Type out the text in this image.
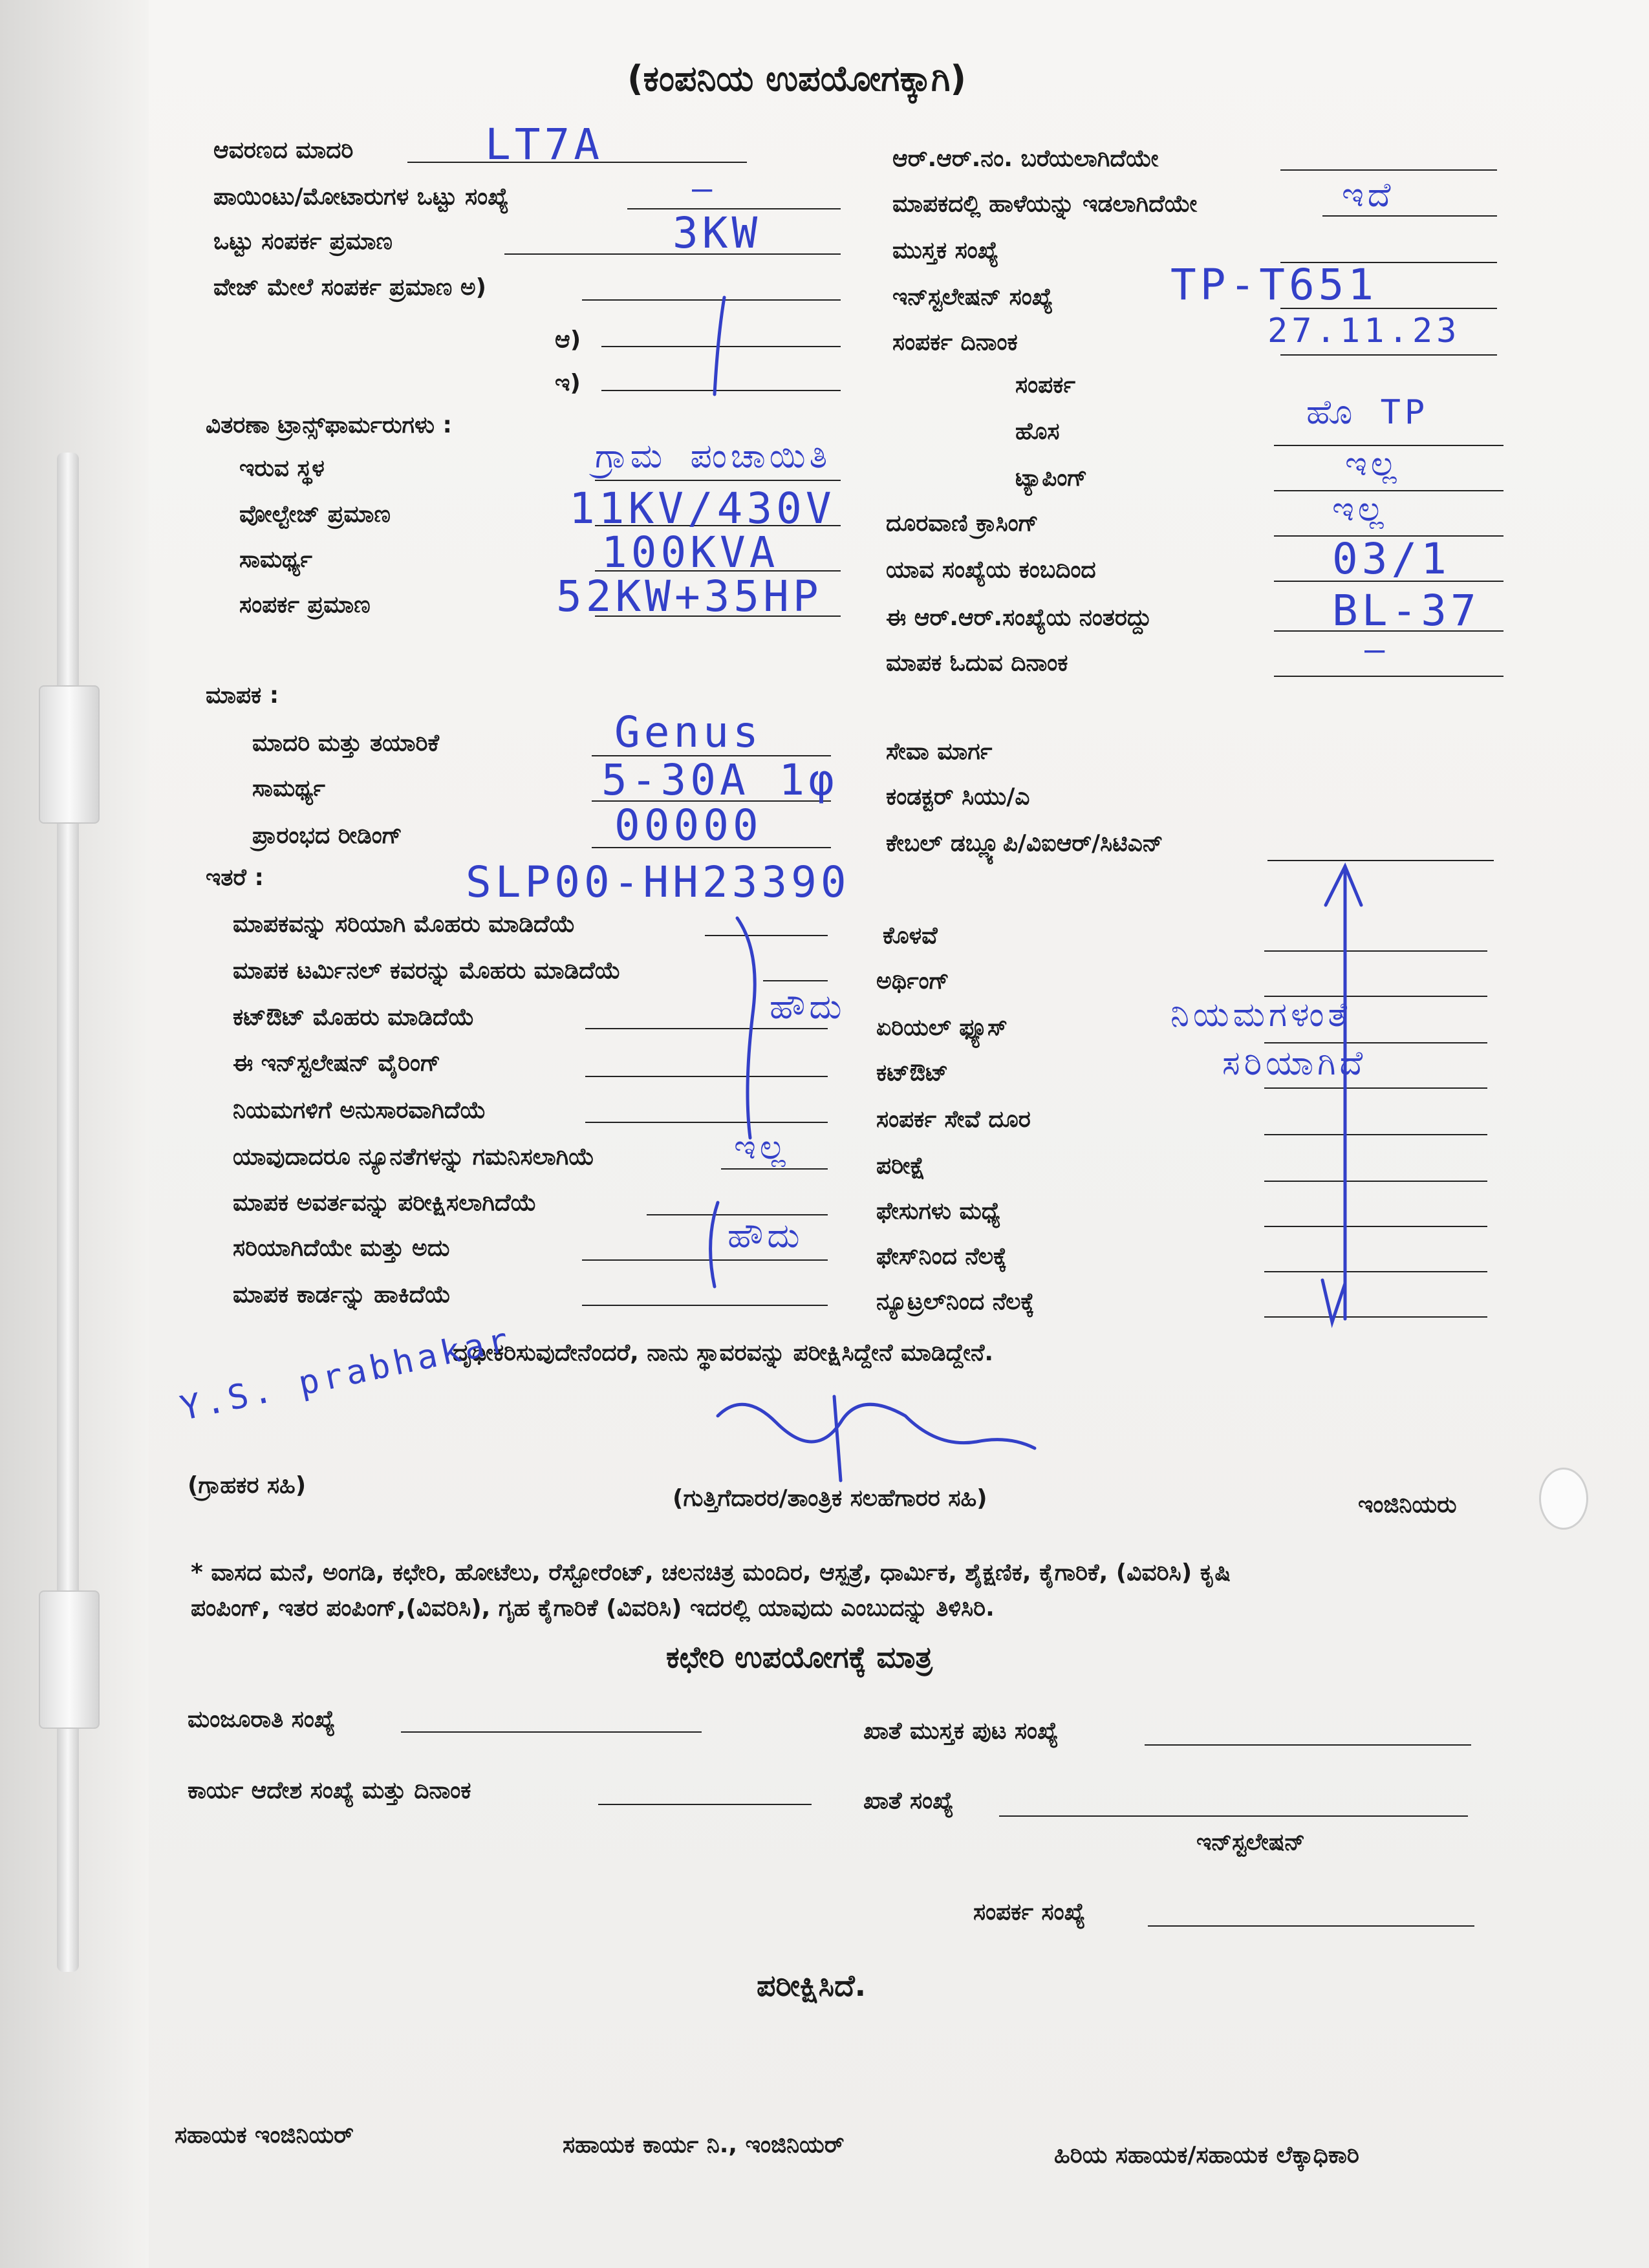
(ಕಂಪನಿಯ ಉಪಯೋಗಕ್ಕಾಗಿ)
ಆವರಣದ ಮಾದರಿ	LT7A
ಪಾಯಿಂಟು/ಮೋಟಾರುಗಳ ಒಟ್ಟು ಸಂಖ್ಯೆ	–
ಒಟ್ಟು ಸಂಪರ್ಕ ಪ್ರಮಾಣ	3KW
ವೇಜ್ ಮೇಲೆ ಸಂಪರ್ಕ ಪ್ರಮಾಣ ಅ)
ಆ)
ಇ)
ಆರ್.ಆರ್.ನಂ. ಬರೆಯಲಾಗಿದೆಯೇ
ಮಾಪಕದಲ್ಲಿ ಹಾಳೆಯನ್ನು ಇಡಲಾಗಿದೆಯೇ	ಇದೆ
ಮುಸ್ತಕ ಸಂಖ್ಯೆ
ಇನ್‌ಸ್ಟಲೇಷನ್ ಸಂಖ್ಯೆ	TP-T651
ಸಂಪರ್ಕ ದಿನಾಂಕ	27.11.23
ವಿತರಣಾ ಟ್ರಾನ್ಸ್‌ಫಾರ್ಮರುಗಳು :
ಇರುವ ಸ್ಥಳ	ಗ್ರಾಮ ಪಂಚಾಯಿತಿ
ವೋಲ್ಟೇಜ್ ಪ್ರಮಾಣ	11KV/430V
ಸಾಮರ್ಥ್ಯ	100KVA
ಸಂಪರ್ಕ ಪ್ರಮಾಣ	52KW+35HP
ಸಂಪರ್ಕ
ಹೊಸ	ಹೊ TP
ಟ್ಯಾಪಿಂಗ್	ಇಲ್ಲ
ದೂರವಾಣಿ ಕ್ರಾಸಿಂಗ್	ಇಲ್ಲ
ಯಾವ ಸಂಖ್ಯೆಯ ಕಂಬದಿಂದ	03/1
ಈ ಆರ್.ಆರ್.ಸಂಖ್ಯೆಯ ನಂತರದ್ದು	BL-37
ಮಾಪಕ ಓದುವ ದಿನಾಂಕ	–
ಮಾಪಕ :
ಮಾದರಿ ಮತ್ತು ತಯಾರಿಕೆ	Genus
ಸಾಮರ್ಥ್ಯ	5-30A 1φ
ಪ್ರಾರಂಭದ ರೀಡಿಂಗ್	00000
ಸೇವಾ ಮಾರ್ಗ
ಕಂಡಕ್ಟರ್ ಸಿಯು/ಎ
ಕೇಬಲ್ ಡಬ್ಲ್ಯೂಪಿ/ವಿಐಆರ್/ಸಿಟಿಎನ್
ಇತರೆ :	SLP00-HH23390
ಮಾಪಕವನ್ನು ಸರಿಯಾಗಿ ಮೊಹರು ಮಾಡಿದೆಯೆ
ಮಾಪಕ ಟರ್ಮಿನಲ್ ಕವರನ್ನು ಮೊಹರು ಮಾಡಿದೆಯೆ
ಕಟ್‌ಔಟ್ ಮೊಹರು ಮಾಡಿದೆಯೆ	ಹೌದು
ಈ ಇನ್‌ಸ್ಟಲೇಷನ್ ವೈರಿಂಗ್
ನಿಯಮಗಳಿಗೆ ಅನುಸಾರವಾಗಿದೆಯೆ
ಯಾವುದಾದರೂ ನ್ಯೂನತೆಗಳನ್ನು ಗಮನಿಸಲಾಗಿಯೆ	ಇಲ್ಲ
ಮಾಪಕ ಅವರ್ತವನ್ನು ಪರೀಕ್ಷಿಸಲಾಗಿದೆಯೆ
ಸರಿಯಾಗಿದೆಯೇ ಮತ್ತು ಅದು	ಹೌದು
ಮಾಪಕ ಕಾರ್ಡನ್ನು ಹಾಕಿದೆಯೆ
ಕೊಳವೆ
ಅರ್ಥಿಂಗ್
ಏರಿಯಲ್ ಫ್ಯೂಸ್
ಕಟ್‌ಔಟ್
ಸಂಪರ್ಕ ಸೇವೆ ದೂರ
ಪರೀಕ್ಷೆ
ಫೇಸುಗಳು ಮಧ್ಯೆ
ಫೇಸ್‌ನಿಂದ ನೆಲಕ್ಕೆ
ನ್ಯೂಟ್ರಲ್‌ನಿಂದ ನೆಲಕ್ಕೆ
ನಿಯಮಗಳಂತೆ
ಸರಿಯಾಗಿದೆ
ದೃಢೀಕರಿಸುವುದೇನೆಂದರೆ, ನಾನು ಸ್ಥಾವರವನ್ನು ಪರೀಕ್ಷಿಸಿದ್ದೇನೆ ಮಾಡಿದ್ದೇನೆ.
Y.S. prabhakar
(ಗ್ರಾಹಕರ ಸಹಿ)	(ಗುತ್ತಿಗೆದಾರರ/ತಾಂತ್ರಿಕ ಸಲಹೆಗಾರರ ಸಹಿ)	ಇಂಜಿನಿಯರು
* ವಾಸದ ಮನೆ, ಅಂಗಡಿ, ಕಛೇರಿ, ಹೋಟೆಲು, ರೆಸ್ಟೋರೆಂಟ್, ಚಲನಚಿತ್ರ ಮಂದಿರ, ಆಸ್ಪತ್ರೆ, ಧಾರ್ಮಿಕ, ಶೈಕ್ಷಣಿಕ, ಕೈಗಾರಿಕೆ, (ವಿವರಿಸಿ) ಕೃಷಿ
ಪಂಪಿಂಗ್, ಇತರ ಪಂಪಿಂಗ್,(ವಿವರಿಸಿ), ಗೃಹ ಕೈಗಾರಿಕೆ (ವಿವರಿಸಿ) ಇದರಲ್ಲಿ ಯಾವುದು ಎಂಬುದನ್ನು ತಿಳಿಸಿರಿ.
ಕಛೇರಿ ಉಪಯೋಗಕ್ಕೆ ಮಾತ್ರ
ಮಂಜೂರಾತಿ ಸಂಖ್ಯೆ	ಖಾತೆ ಮುಸ್ತಕ ಪುಟ ಸಂಖ್ಯೆ
ಕಾರ್ಯ ಆದೇಶ ಸಂಖ್ಯೆ ಮತ್ತು ದಿನಾಂಕ	ಖಾತೆ ಸಂಖ್ಯೆ
ಇನ್‌ಸ್ಟಲೇಷನ್
ಸಂಪರ್ಕ ಸಂಖ್ಯೆ
ಪರೀಕ್ಷಿಸಿದೆ.
ಸಹಾಯಕ ಇಂಜಿನಿಯರ್	ಸಹಾಯಕ ಕಾರ್ಯ ನಿ., ಇಂಜಿನಿಯರ್	ಹಿರಿಯ ಸಹಾಯಕ/ಸಹಾಯಕ ಲೆಕ್ಕಾಧಿಕಾರಿ
